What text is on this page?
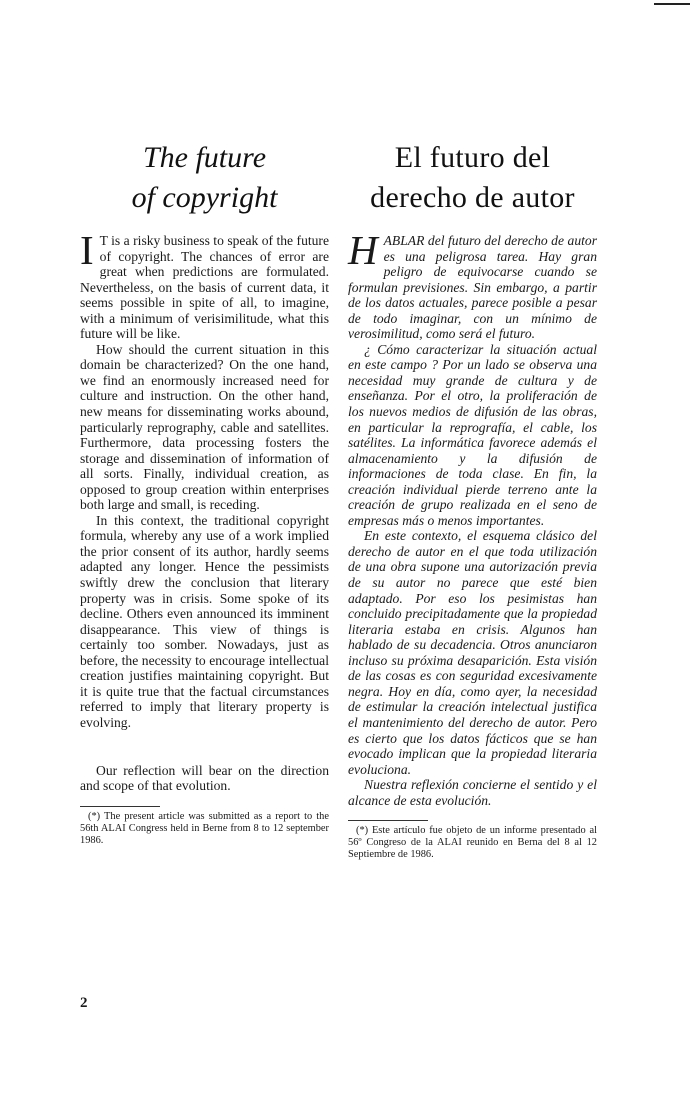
The future
of copyright

I T is a risky business to speak of the future of copyright. The chances of error are great when predictions are formulated. Nevertheless, on the basis of current data, it seems possible in spite of all, to imagine, with a minimum of verisimilitude, what this future will be like.

How should the current situation in this domain be characterized? On the one hand, we find an enormously increased need for culture and instruction. On the other hand, new means for disseminating works abound, particularly reprography, cable and satellites. Furthermore, data processing fosters the storage and dissemination of information of all sorts. Finally, individual creation, as opposed to group creation within enterprises both large and small, is receding.

In this context, the traditional copyright formula, whereby any use of a work implied the prior consent of its author, hardly seems adapted any longer. Hence the pessimists swiftly drew the conclusion that literary property was in crisis. Some spoke of its decline. Others even announced its imminent disappearance. This view of things is certainly too somber. Nowadays, just as before, the necessity to encourage intellectual creation justifies maintaining copyright. But it is quite true that the factual circumstances referred to imply that literary property is evolving.

Our reflection will bear on the direction and scope of that evolution.

(*) The present article was submitted as a report to the 56th ALAI Congress held in Berne from 8 to 12 september 1986.

El futuro del
derecho de autor

HABLAR del futuro del derecho de autor es una peligrosa tarea. Hay gran peligro de equivocarse cuando se formulan previsiones. Sin embargo, a partir de los datos actuales, parece posible a pesar de todo imaginar, con un mínimo de verosimilitud, como será el futuro.

¿ Cómo caracterizar la situación actual en este campo ? Por un lado se observa una necesidad muy grande de cultura y de enseñanza. Por el otro, la proliferación de los nuevos medios de difusión de las obras, en particular la reprografía, el cable, los satélites. La informática favorece además el almacenamiento y la difusión de informaciones de toda clase. En fin, la creación individual pierde terreno ante la creación de grupo realizada en el seno de empresas más o menos importantes.

En este contexto, el esquema clásico del derecho de autor en el que toda utilización de una obra supone una autorización previa de su autor no parece que esté bien adaptado. Por eso los pesimistas han concluido precipitadamente que la propiedad literaria estaba en crisis. Algunos han hablado de su decadencia. Otros anunciaron incluso su próxima desaparición. Esta visión de las cosas es con seguridad excesivamente negra. Hoy en día, como ayer, la necesidad de estimular la creación intelectual justifica el mantenimiento del derecho de autor. Pero es cierto que los datos fácticos que se han evocado implican que la propiedad literaria evoluciona.

Nuestra reflexión concierne el sentido y el alcance de esta evolución.

(*) Este artículo fue objeto de un informe presentado al 56º Congreso de la ALAI reunido en Berna del 8 al 12 Septiembre de 1986.

2
